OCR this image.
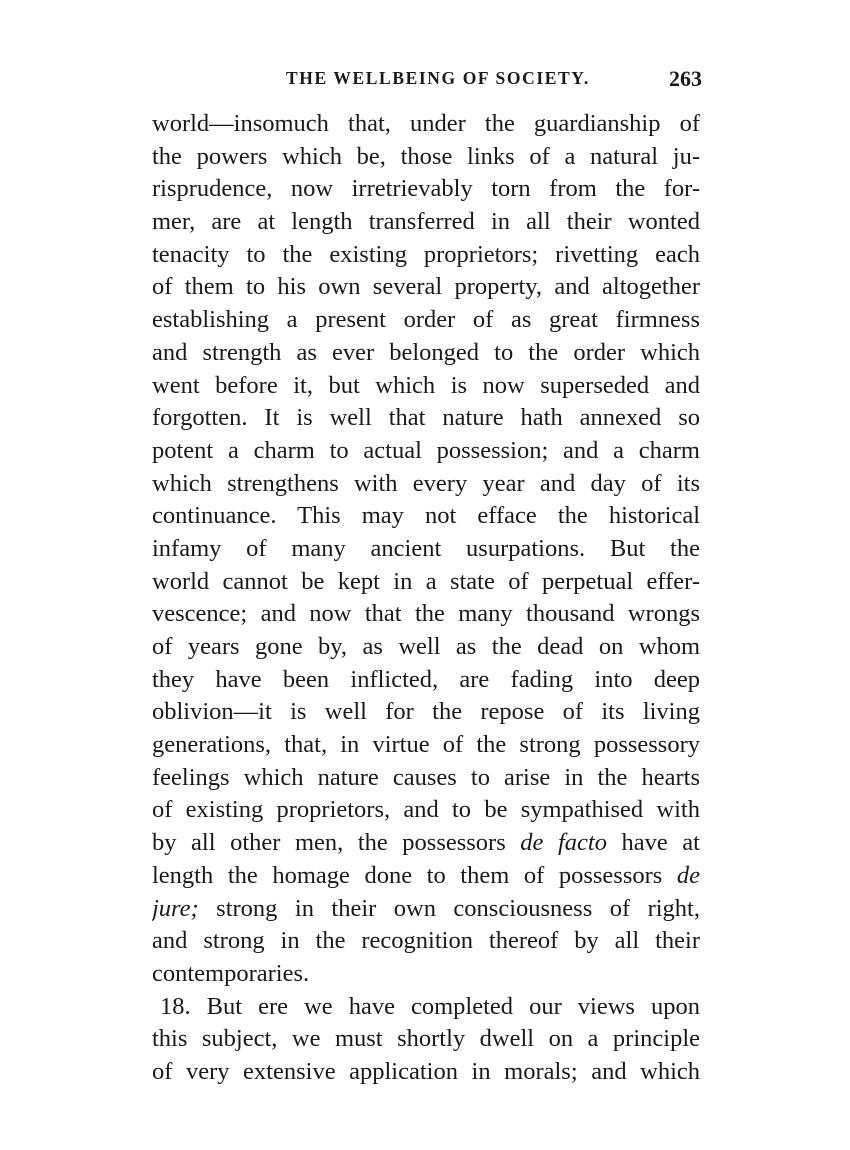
THE WELLBEING OF SOCIETY.	263
world—insomuch that, under the guardianship of
the powers which be, those links of a natural ju-
risprudence, now irretrievably torn from the for-
mer, are at length transferred in all their wonted
tenacity to the existing proprietors; rivetting each
of them to his own several property, and altogether
establishing a present order of as great firmness
and strength as ever belonged to the order which
went before it, but which is now superseded and
forgotten. It is well that nature hath annexed so
potent a charm to actual possession; and a charm
which strengthens with every year and day of its
continuance. This may not efface the historical
infamy of many ancient usurpations. But the
world cannot be kept in a state of perpetual effer-
vescence; and now that the many thousand wrongs
of years gone by, as well as the dead on whom
they have been inflicted, are fading into deep
oblivion—it is well for the repose of its living
generations, that, in virtue of the strong possessory
feelings which nature causes to arise in the hearts
of existing proprietors, and to be sympathised with
by all other men, the possessors de facto have at
length the homage done to them of possessors de
jure; strong in their own consciousness of right,
and strong in the recognition thereof by all their
contemporaries.
18. But ere we have completed our views upon
this subject, we must shortly dwell on a principle
of very extensive application in morals; and which
